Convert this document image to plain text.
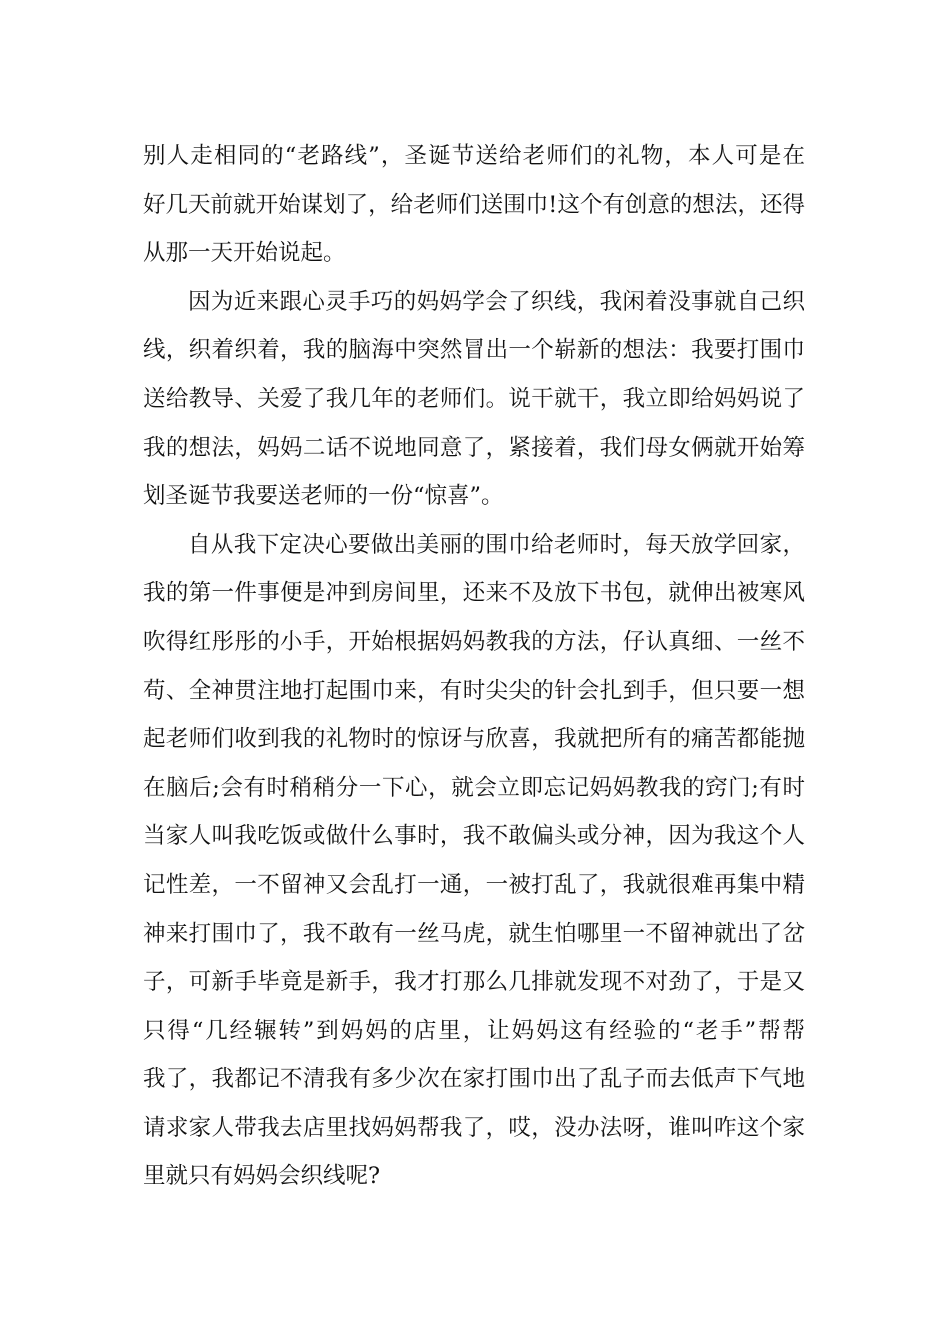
别人走相同的“老路线”，圣诞节送给老师们的礼物，本人可是在
好几天前就开始谋划了，给老师们送围巾!这个有创意的想法，还得
从那一天开始说起。
因为近来跟心灵手巧的妈妈学会了织线，我闲着没事就自己织
线，织着织着，我的脑海中突然冒出一个崭新的想法：我要打围巾
送给教导、关爱了我几年的老师们。说干就干，我立即给妈妈说了
我的想法，妈妈二话不说地同意了，紧接着，我们母女俩就开始筹
划圣诞节我要送老师的一份“惊喜”。
自从我下定决心要做出美丽的围巾给老师时，每天放学回家，
我的第一件事便是冲到房间里，还来不及放下书包，就伸出被寒风
吹得红彤彤的小手，开始根据妈妈教我的方法，仔认真细、一丝不
苟、全神贯注地打起围巾来，有时尖尖的针会扎到手，但只要一想
起老师们收到我的礼物时的惊讶与欣喜，我就把所有的痛苦都能抛
在脑后;会有时稍稍分一下心，就会立即忘记妈妈教我的窍门;有时
当家人叫我吃饭或做什么事时，我不敢偏头或分神，因为我这个人
记性差，一不留神又会乱打一通，一被打乱了，我就很难再集中精
神来打围巾了，我不敢有一丝马虎，就生怕哪里一不留神就出了岔
子，可新手毕竟是新手，我才打那么几排就发现不对劲了，于是又
只得“几经辗转”到妈妈的店里，让妈妈这有经验的“老手”帮帮
我了，我都记不清我有多少次在家打围巾出了乱子而去低声下气地
请求家人带我去店里找妈妈帮我了，哎，没办法呀，谁叫咋这个家
里就只有妈妈会织线呢?
